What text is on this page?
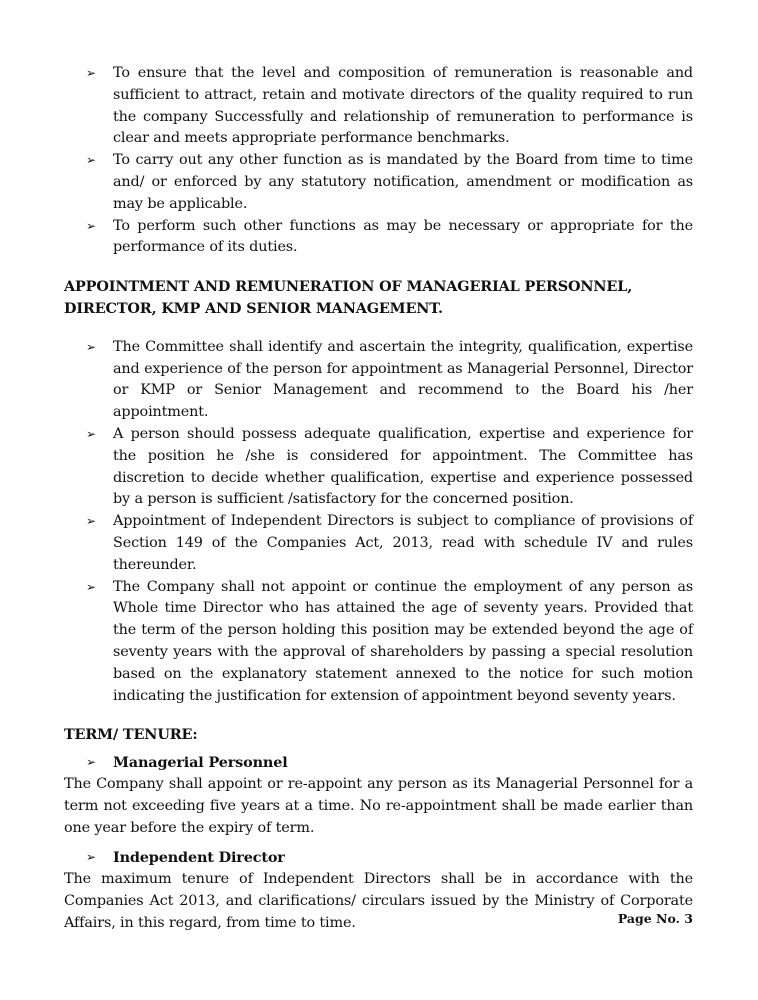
➢	To ensure that the level and composition of remuneration is reasonable and sufficient to attract, retain and motivate directors of the quality required to run the company Successfully and relationship of remuneration to performance is clear and meets appropriate performance benchmarks.
➢	To carry out any other function as is mandated by the Board from time to time and/ or enforced by any statutory notification, amendment or modification as may be applicable.
➢	To perform such other functions as may be necessary or appropriate for the performance of its duties.

APPOINTMENT AND REMUNERATION OF MANAGERIAL PERSONNEL, DIRECTOR, KMP AND SENIOR MANAGEMENT.

➢	The Committee shall identify and ascertain the integrity, qualification, expertise and experience of the person for appointment as Managerial Personnel, Director or KMP or Senior Management and recommend to the Board his /her appointment.
➢	A person should possess adequate qualification, expertise and experience for the position he /she is considered for appointment. The Committee has discretion to decide whether qualification, expertise and experience possessed by a person is sufficient /satisfactory for the concerned position.
➢	Appointment of Independent Directors is subject to compliance of provisions of Section 149 of the Companies Act, 2013, read with schedule IV and rules thereunder.
➢	The Company shall not appoint or continue the employment of any person as Whole time Director who has attained the age of seventy years. Provided that the term of the person holding this position may be extended beyond the age of seventy years with the approval of shareholders by passing a special resolution based on the explanatory statement annexed to the notice for such motion indicating the justification for extension of appointment beyond seventy years.

TERM/ TENURE:

➢ Managerial Personnel

The Company shall appoint or re-appoint any person as its Managerial Personnel for a term not exceeding five years at a time. No re-appointment shall be made earlier than one year before the expiry of term.

➢ Independent Director

The maximum tenure of Independent Directors shall be in accordance with the Companies Act 2013, and clarifications/ circulars issued by the Ministry of Corporate Affairs, in this regard, from time to time.	Page No. 3
